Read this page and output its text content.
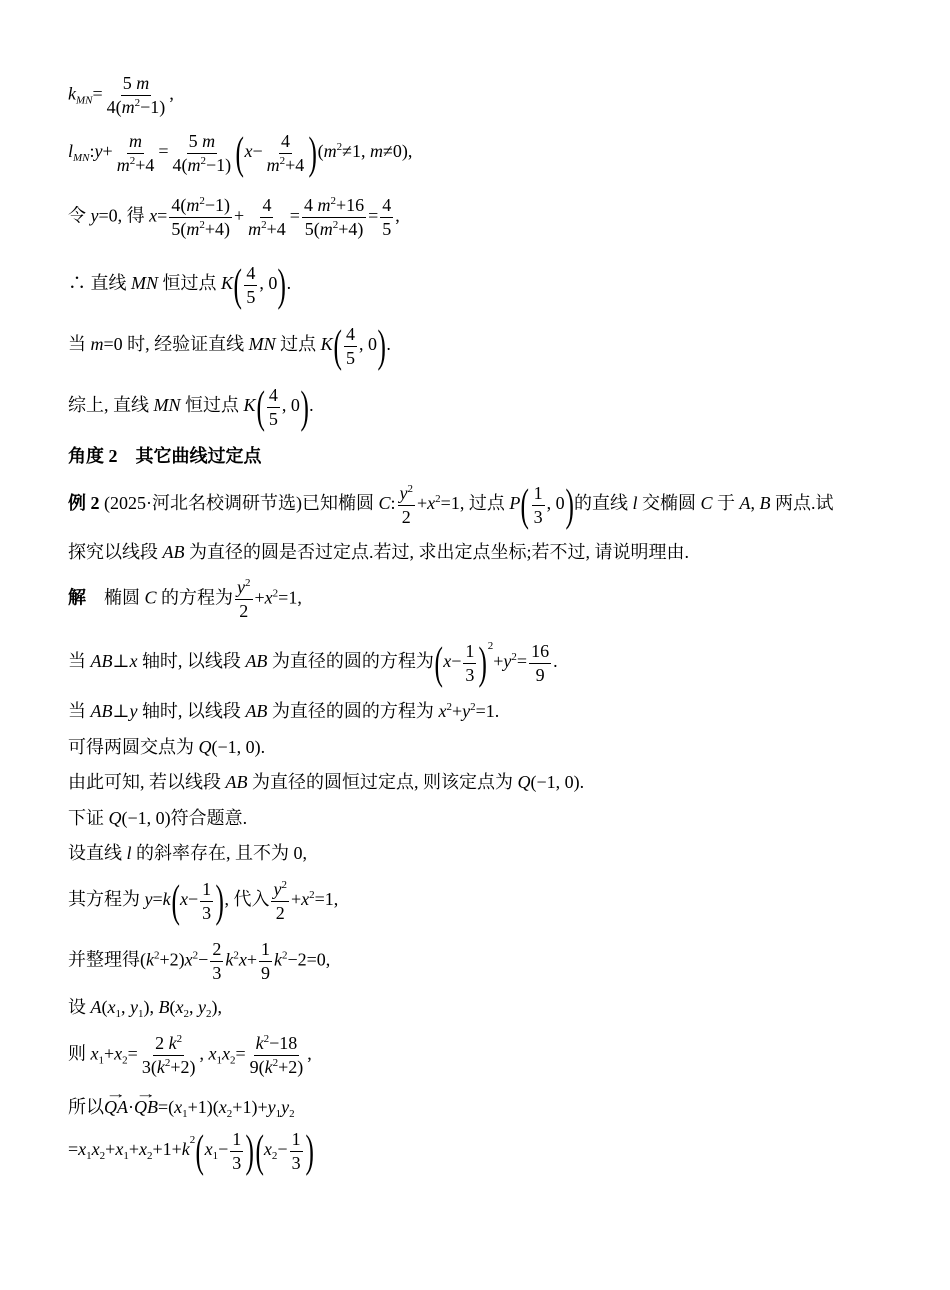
$k_{MN}= \frac{5 m}{4(m^2-1)}$ ,
$l_{MN}:y+ \frac{m}{m^2+4} = \frac{5 m}{4(m^2-1)} (x- \frac{4}{m^2+4} )(m^2\ne 1$, m≠0),
令 y=0, 得 $x= \frac{4(m^2-1)}{5(m^2+4)} + \frac{4}{m^2+4} = \frac{4 m^2+16}{5(m^2+4)} = \frac{4}{5}$ ,
∴ 直线 MN 恒过点 $K( \frac{4}{5}$ , 0).
当 m=0 时, 经验证直线 MN 过点 $K( \frac{4}{5}$ , 0).
综上, 直线 MN 恒过点 $K( \frac{4}{5}$ , 0).
角度 2 其它曲线过定点
例 2 (2025·河北名校调研节选)已知椭圆 C: $\frac{y^2}{2} +x^2=1$, 过点 $P( \frac{1}{3}$ , 0)的直线 l 交椭圆 C 于 A, B 两点.试
探究以线段 AB 为直径的圆是否过定点.若过, 求出定点坐标;若不过, 请说明理由.
解 椭圆 C 的方程为 $\frac{y^2}{2} +x^2=1$,
当 AB⊥x 轴时, 以线段 AB 为直径的圆的方程为$(x- \frac{1}{3} )^2+y^2= \frac{16}{9}$ .
当 AB⊥y 轴时, 以线段 AB 为直径的圆的方程为 $x^2+y^2=1$.
可得两圆交点为 Q(−1, 0).
由此可知, 若以线段 AB 为直径的圆恒过定点, 则该定点为 Q(−1, 0).
下证 Q(−1, 0)符合题意.
设直线 l 的斜率存在, 且不为 0,
其方程为 $y=k(x- \frac{1}{3}$ ), 代入 $\frac{y^2}{2} +x^2=1$,
并整理得$(k^2+2)x^2- \frac{2}{3} k^2x+ \frac{1}{9} k^2-2=0$,
设 $A(x_1$, $y_1$), $B(x_2$, $y_2$),
则 $x_1+x_2= \frac{2 k^2}{3(k^2+2)}$ , $x_1x_2= \frac{k^2-18}{9(k^2+2)}$ ,
所以→ $QA\cdot\to QB=(x_1+1)(x_2+1)+y_1y_2$
$=x_1x_2+x_1+x_2+1+k^2(x_1- \frac{1}{3} )(x_2- \frac{1}{3}$ )
